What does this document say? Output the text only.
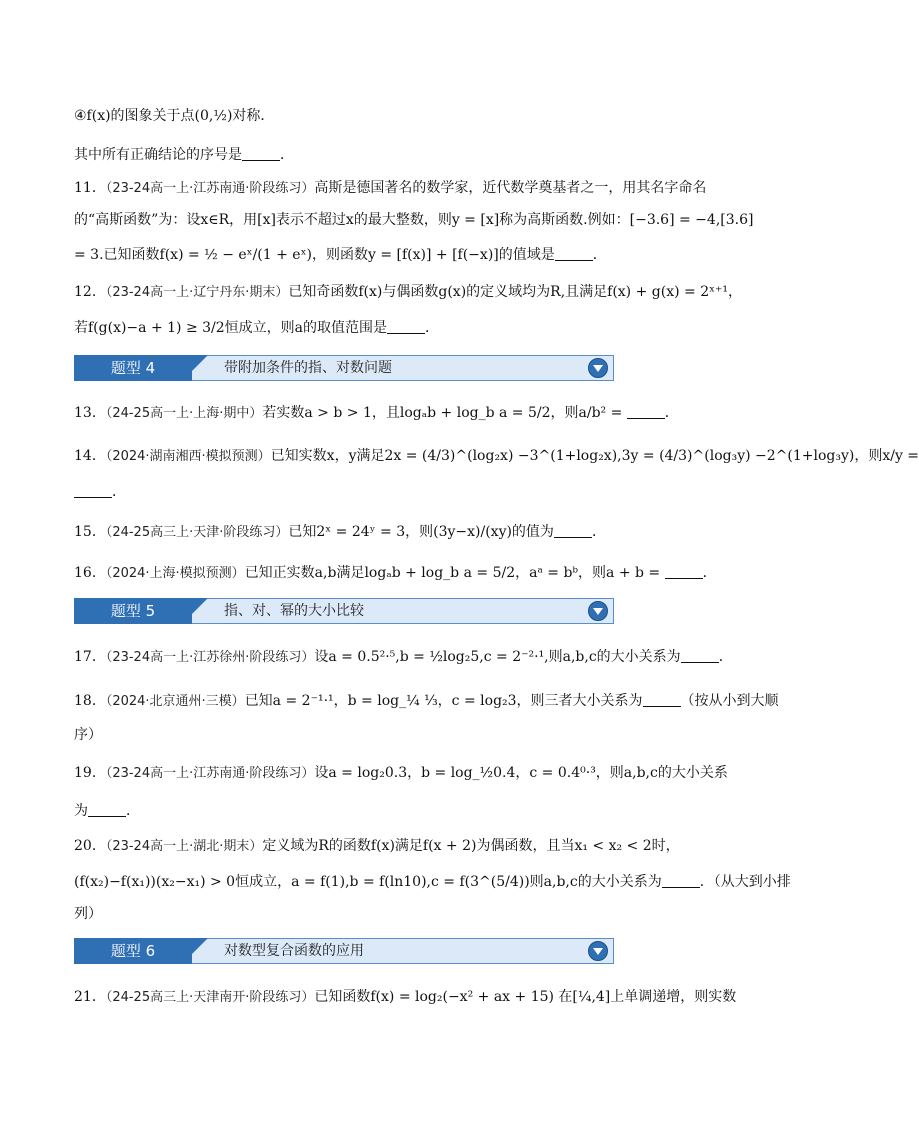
④f(x)的图象关于点(0,½)对称．
其中所有正确结论的序号是	．
11．（23-24高一上·江苏南通·阶段练习）高斯是德国著名的数学家，近代数学奠基者之一，用其名字命名
的“高斯函数”为：设x∈R，用[x]表示不超过x的最大整数，则y = [x]称为高斯函数.例如：[−3.6] = −4,[3.6]
= 3.已知函数f(x) = ½ − eˣ/(1 + eˣ)，则函数y = [f(x)] + [f(−x)]的值域是	．
12．（23-24高一上·辽宁丹东·期末）已知奇函数f(x)与偶函数g(x)的定义域均为R,且满足f(x) + g(x) = 2ˣ⁺¹，
若f(g(x)−a + 1) ≥ 3/2恒成立，则a的取值范围是	．
题型 4	带附加条件的指、对数问题
13．（24-25高一上·上海·期中）若实数a > b > 1，且logₐb + log_b a = 5/2，则a/b² =	．
14．（2024·湖南湘西·模拟预测）已知实数x，y满足2x = (4/3)^(log₂x) −3^(1+log₂x),3y = (4/3)^(log₃y) −2^(1+log₃y)，则x/y =
．
15．（24-25高三上·天津·阶段练习）已知2ˣ = 24ʸ = 3，则(3y−x)/(xy)的值为	．
16．（2024·上海·模拟预测）已知正实数a,b满足logₐb + log_b a = 5/2，aᵃ = bᵇ，则a + b =	．
题型 5	指、对、幂的大小比较
17．（23-24高一上·江苏徐州·阶段练习）设a = 0.5²·⁵,b = ½log₂5,c = 2⁻²·¹,则a,b,c的大小关系为	．
18．（2024·北京通州·三模）已知a = 2⁻¹·¹，b = log_¼ ⅓，c = log₂3，则三者大小关系为	（按从小到大顺
序）
19．（23-24高一上·江苏南通·阶段练习）设a = log₂0.3，b = log_½0.4，c = 0.4⁰·³，则a,b,c的大小关系
为	．
20．（23-24高一上·湖北·期末）定义域为R的函数f(x)满足f(x + 2)为偶函数，且当x₁ < x₂ < 2时，
(f(x₂)−f(x₁))(x₂−x₁) > 0恒成立，a = f(1),b = f(ln10),c = f(3^(5/4))则a,b,c的大小关系为	．（从大到小排
列）
题型 6	对数型复合函数的应用
21．（24-25高三上·天津南开·阶段练习）已知函数f(x) = log₂(−x² + ax + 15) 在[¼,4]上单调递增，则实数
